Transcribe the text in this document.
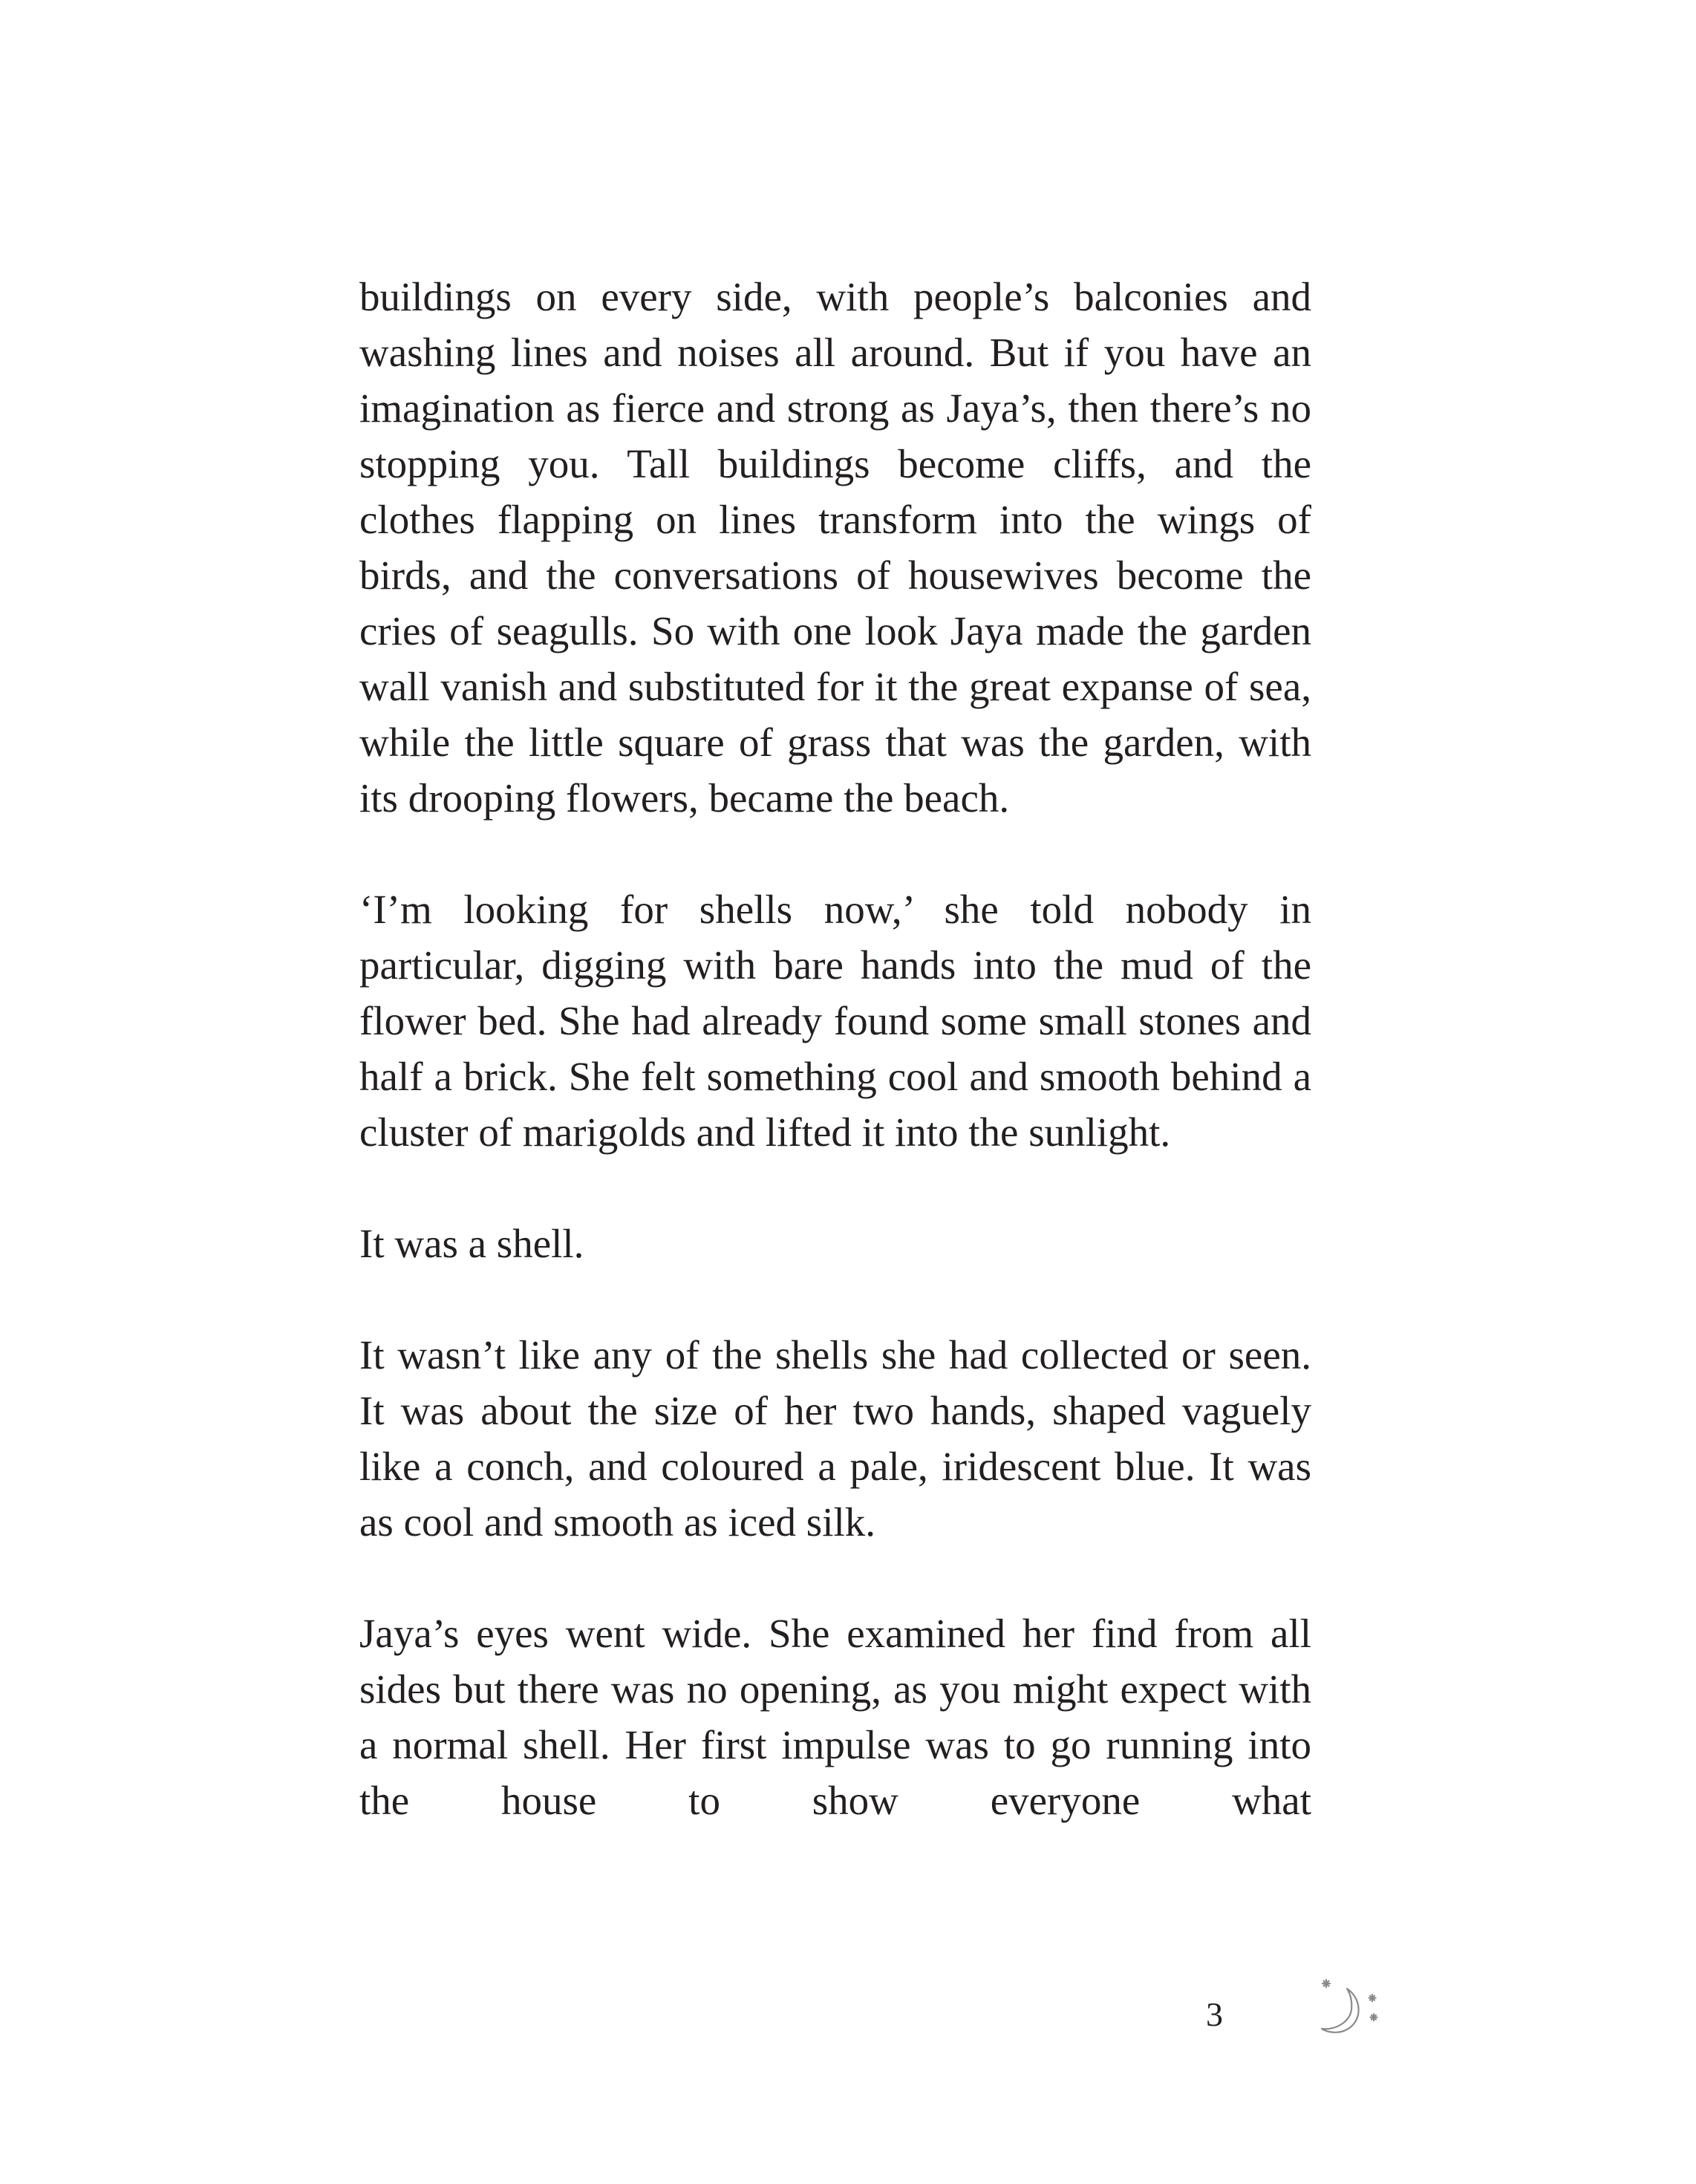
buildings on every side, with people’s balconies and washing lines and noises all around. But if you have an imagination as fierce and strong as Jaya’s, then there’s no stopping you. Tall buildings become cliffs, and the clothes flapping on lines transform into the wings of birds, and the conversations of housewives become the cries of seagulls. So with one look Jaya made the garden wall vanish and substituted for it the great expanse of sea, while the little square of grass that was the garden, with its drooping flowers, became the beach.

‘I’m looking for shells now,’ she told nobody in particular, digging with bare hands into the mud of the flower bed. She had already found some small stones and half a brick. She felt something cool and smooth behind a cluster of marigolds and lifted it into the sunlight.

It was a shell.

It wasn’t like any of the shells she had collected or seen. It was about the size of her two hands, shaped vaguely like a conch, and coloured a pale, iridescent blue. It was as cool and smooth as iced silk.

Jaya’s eyes went wide. She examined her find from all sides but there was no opening, as you might expect with a normal shell. Her first impulse was to go running into the house to show everyone what

3
